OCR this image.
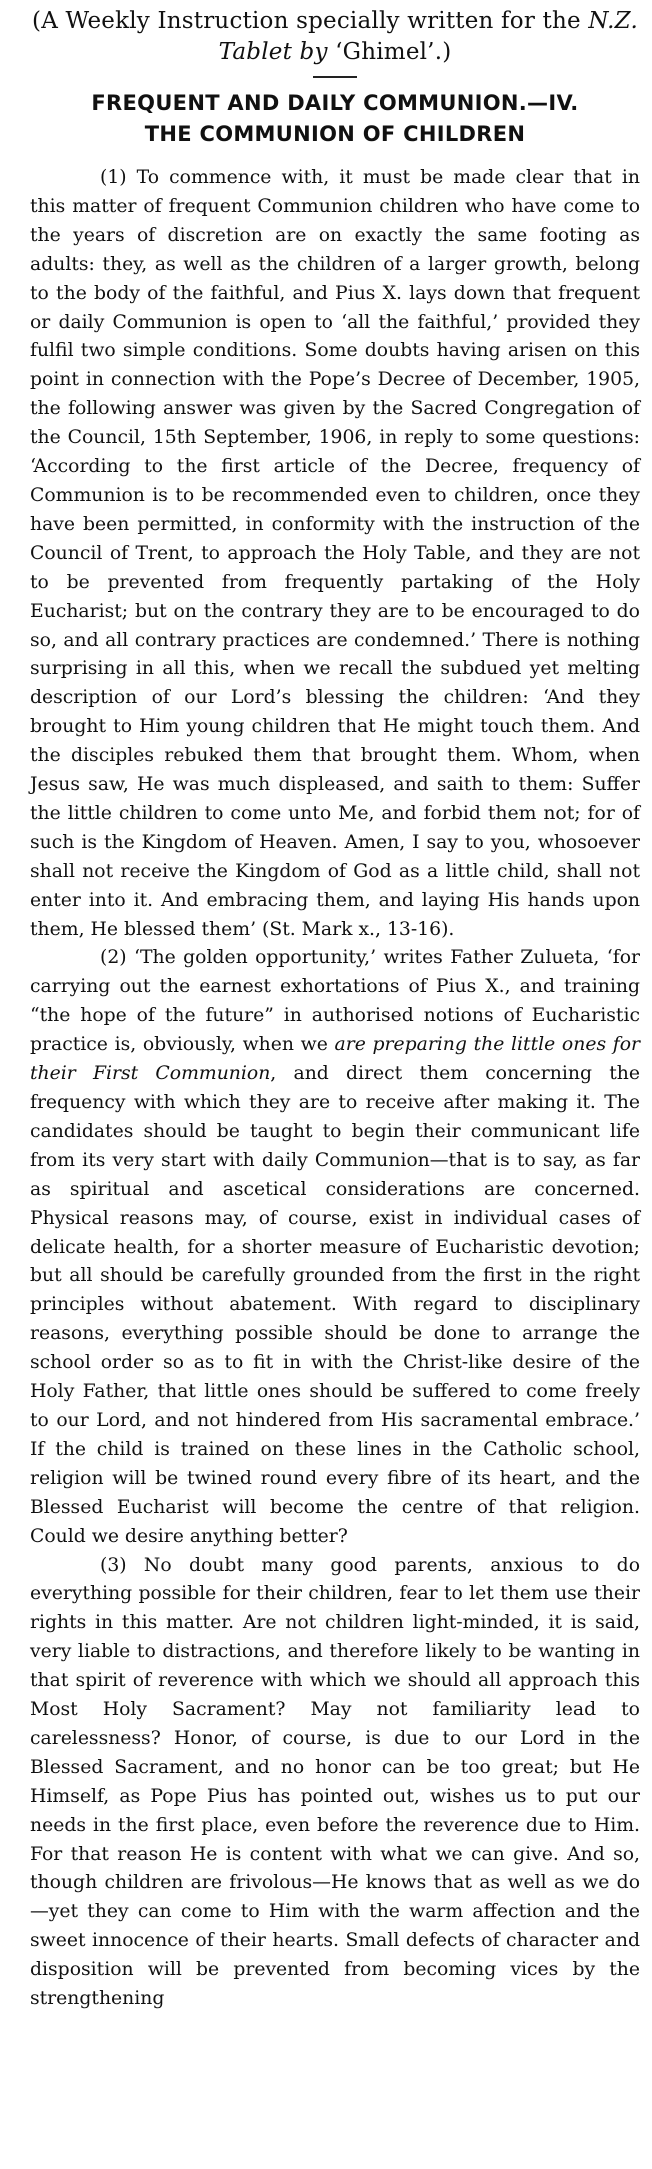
(A Weekly Instruction specially written for the N.Z.
Tablet by ‘Ghimel’.)

FREQUENT AND DAILY COMMUNION.—IV.
THE COMMUNION OF CHILDREN

(1) To commence with, it must be made clear that in this matter of frequent Communion children who have come to the years of discretion are on exactly the same footing as adults: they, as well as the children of a larger growth, belong to the body of the faithful, and Pius X. lays down that frequent or daily Communion is open to ‘all the faithful,’ provided they fulfil two simple conditions. Some doubts having arisen on this point in connection with the Pope’s Decree of December, 1905, the following answer was given by the Sacred Congregation of the Council, 15th September, 1906, in reply to some questions: ‘According to the first article of the Decree, frequency of Communion is to be recommended even to children, once they have been permitted, in conformity with the instruction of the Council of Trent, to approach the Holy Table, and they are not to be prevented from frequently partaking of the Holy Eucharist; but on the contrary they are to be encouraged to do so, and all contrary practices are condemned.’ There is nothing surprising in all this, when we recall the subdued yet melting description of our Lord’s blessing the children: ‘And they brought to Him young children that He might touch them. And the disciples rebuked them that brought them. Whom, when Jesus saw, He was much displeased, and saith to them: Suffer the little children to come unto Me, and forbid them not; for of such is the Kingdom of Heaven. Amen, I say to you, whosoever shall not receive the Kingdom of God as a little child, shall not enter into it. And embracing them, and laying His hands upon them, He blessed them’ (St. Mark x., 13-16).

(2) ‘The golden opportunity,’ writes Father Zulueta, ‘for carrying out the earnest exhortations of Pius X., and training “the hope of the future” in authorised notions of Eucharistic practice is, obviously, when we are preparing the little ones for their First Communion, and direct them concerning the frequency with which they are to receive after making it. The candidates should be taught to begin their communicant life from its very start with daily Communion—that is to say, as far as spiritual and ascetical considerations are concerned. Physical reasons may, of course, exist in individual cases of delicate health, for a shorter measure of Eucharistic devotion; but all should be carefully grounded from the first in the right principles without abatement. With regard to disciplinary reasons, everything possible should be done to arrange the school order so as to fit in with the Christ-like desire of the Holy Father, that little ones should be suffered to come freely to our Lord, and not hindered from His sacramental embrace.’ If the child is trained on these lines in the Catholic school, religion will be twined round every fibre of its heart, and the Blessed Eucharist will become the centre of that religion. Could we desire anything better?

(3) No doubt many good parents, anxious to do everything possible for their children, fear to let them use their rights in this matter. Are not children light-minded, it is said, very liable to distractions, and therefore likely to be wanting in that spirit of reverence with which we should all approach this Most Holy Sacrament? May not familiarity lead to carelessness? Honor, of course, is due to our Lord in the Blessed Sacrament, and no honor can be too great; but He Himself, as Pope Pius has pointed out, wishes us to put our needs in the first place, even before the reverence due to Him. For that reason He is content with what we can give. And so, though children are frivolous—He knows that as well as we do—yet they can come to Him with the warm affection and the sweet innocence of their hearts. Small defects of character and disposition will be prevented from becoming vices by the strengthening
